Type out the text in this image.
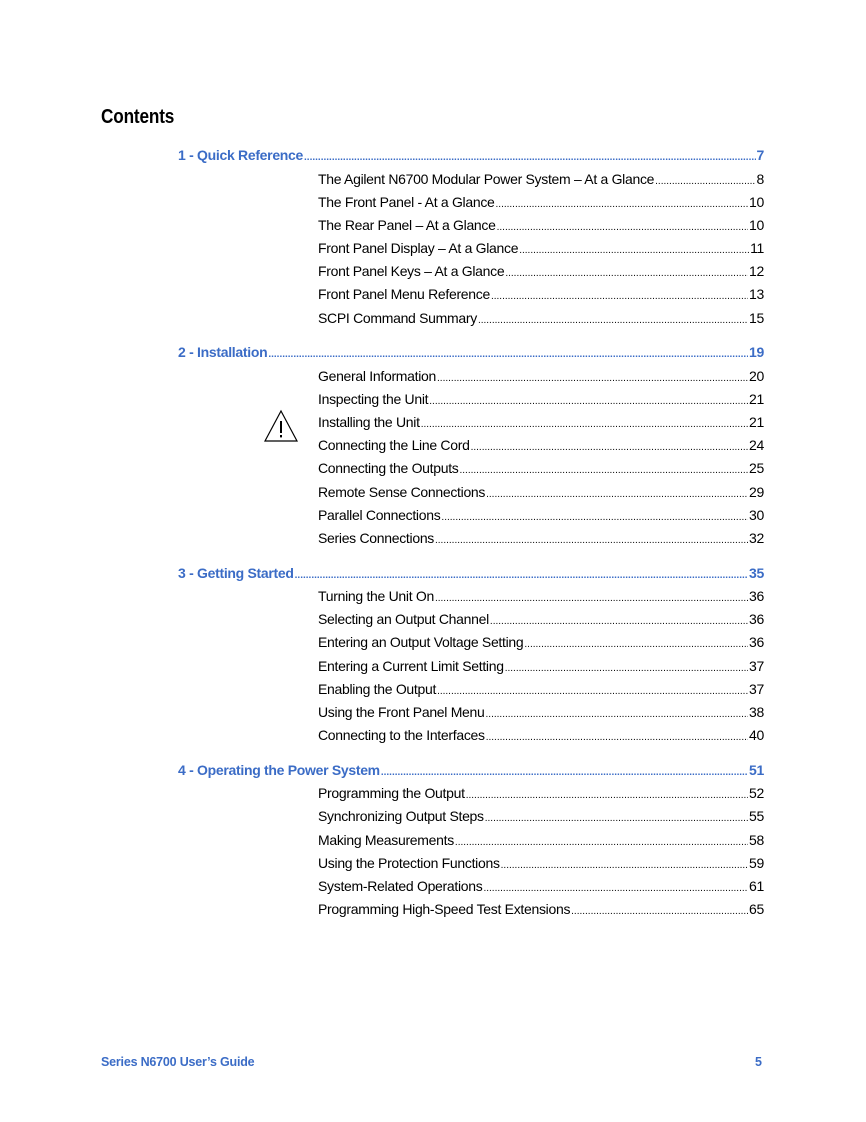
Contents
1 - Quick Reference .....	7
The Agilent N6700 Modular Power System – At a Glance .....	8
The Front Panel - At a Glance .....	10
The Rear Panel – At a Glance .....	10
Front Panel Display – At a Glance .....	11
Front Panel Keys – At a Glance .....	12
Front Panel Menu Reference .....	13
SCPI Command Summary .....	15
2 - Installation .....	19
General Information .....	20
Inspecting the Unit .....	21
Installing the Unit .....	21
Connecting the Line Cord .....	24
Connecting the Outputs .....	25
Remote Sense Connections .....	29
Parallel Connections .....	30
Series Connections .....	32
3 - Getting Started .....	35
Turning the Unit On .....	36
Selecting an Output Channel .....	36
Entering an Output Voltage Setting .....	36
Entering a Current Limit Setting .....	37
Enabling the Output .....	37
Using the Front Panel Menu .....	38
Connecting to the Interfaces .....	40
4 - Operating the Power System .....	51
Programming the Output .....	52
Synchronizing Output Steps .....	55
Making Measurements .....	58
Using the Protection Functions .....	59
System-Related Operations .....	61
Programming High-Speed Test Extensions .....	65
Series N6700 User’s Guide	5
